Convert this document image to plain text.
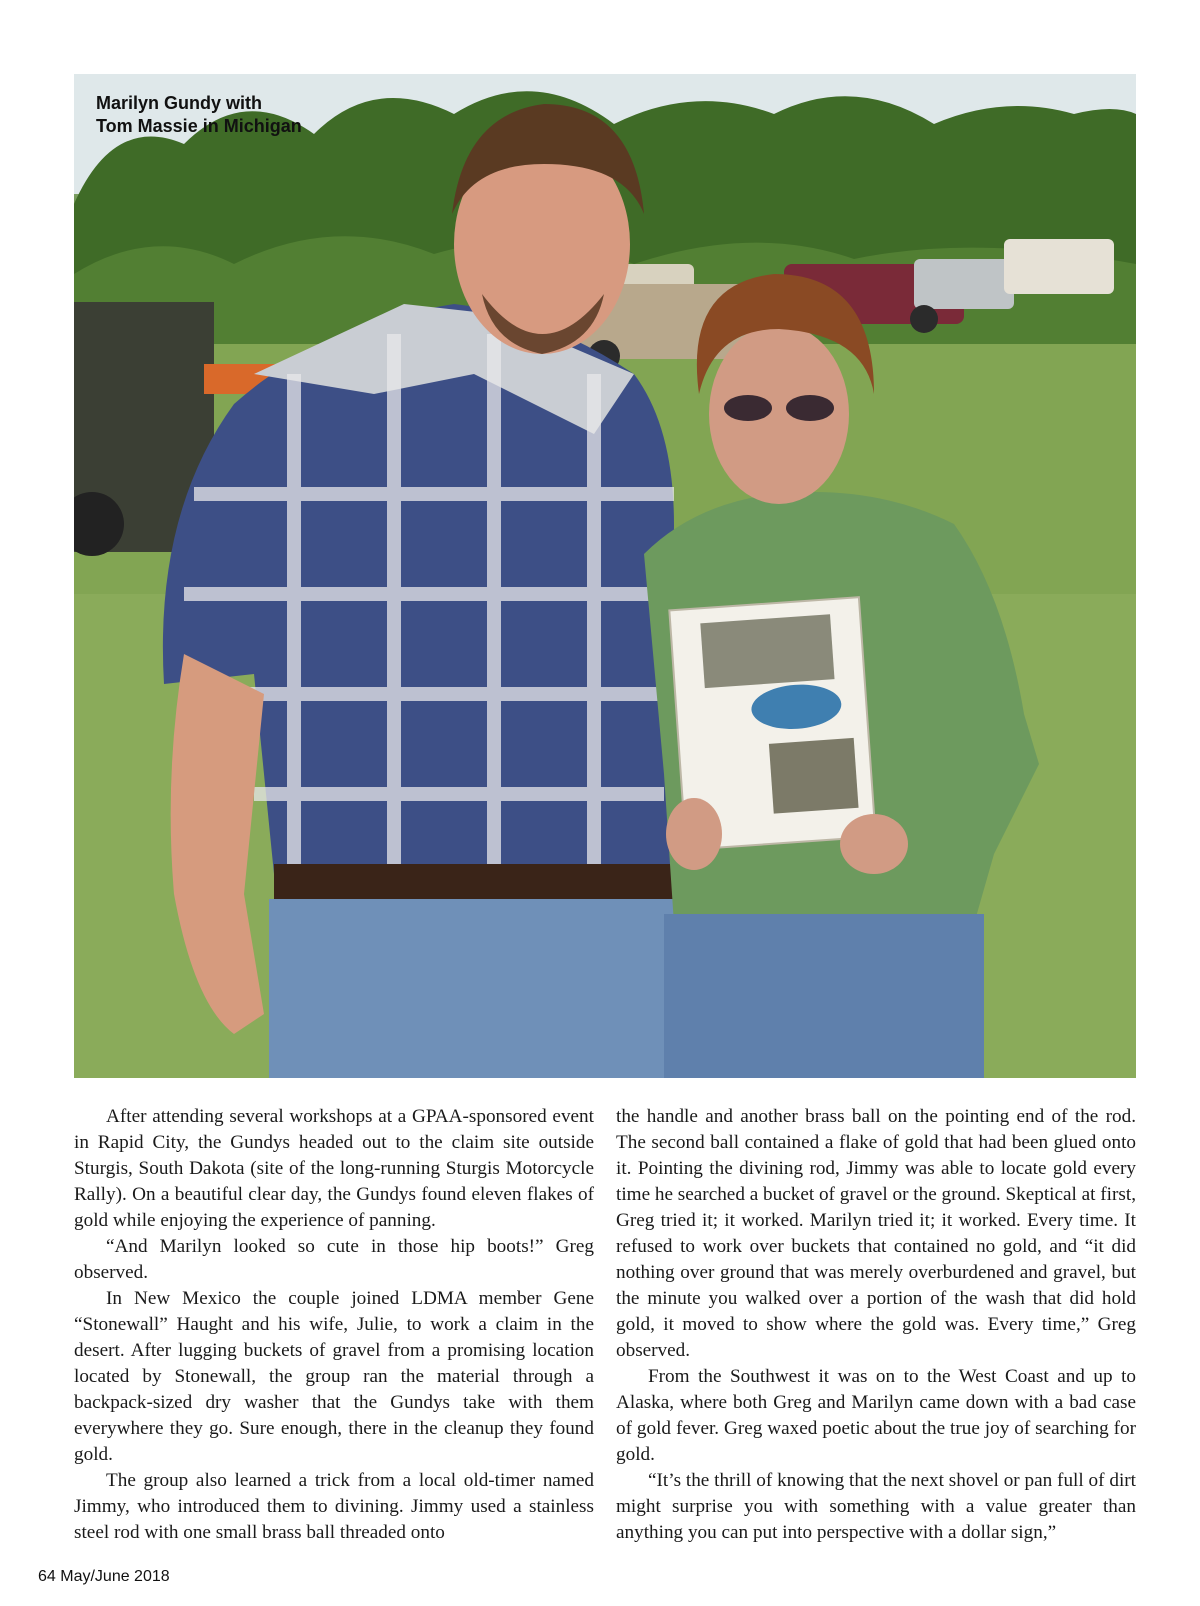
Marilyn Gundy with
Tom Massie in Michigan

After attending several workshops at a GPAA-sponsored event in Rapid City, the Gundys headed out to the claim site outside Sturgis, South Dakota (site of the long-running Sturgis Motorcycle Rally). On a beautiful clear day, the Gundys found eleven flakes of gold while enjoying the experience of panning.

“And Marilyn looked so cute in those hip boots!” Greg observed.

In New Mexico the couple joined LDMA member Gene “Stonewall” Haught and his wife, Julie, to work a claim in the desert. After lugging buckets of gravel from a promising location located by Stonewall, the group ran the material through a backpack-sized dry washer that the Gundys take with them everywhere they go. Sure enough, there in the cleanup they found gold.

The group also learned a trick from a local old-timer named Jimmy, who introduced them to divining. Jimmy used a stainless steel rod with one small brass ball threaded onto

the handle and another brass ball on the pointing end of the rod. The second ball contained a flake of gold that had been glued onto it. Pointing the divining rod, Jimmy was able to locate gold every time he searched a bucket of gravel or the ground. Skeptical at first, Greg tried it; it worked. Marilyn tried it; it worked. Every time. It refused to work over buckets that contained no gold, and “it did nothing over ground that was merely overburdened and gravel, but the minute you walked over a portion of the wash that did hold gold, it moved to show where the gold was. Every time,” Greg observed.

From the Southwest it was on to the West Coast and up to Alaska, where both Greg and Marilyn came down with a bad case of gold fever. Greg waxed poetic about the true joy of searching for gold.

“It’s the thrill of knowing that the next shovel or pan full of dirt might surprise you with something with a value greater than anything you can put into perspective with a dollar sign,”

64 May/June 2018
